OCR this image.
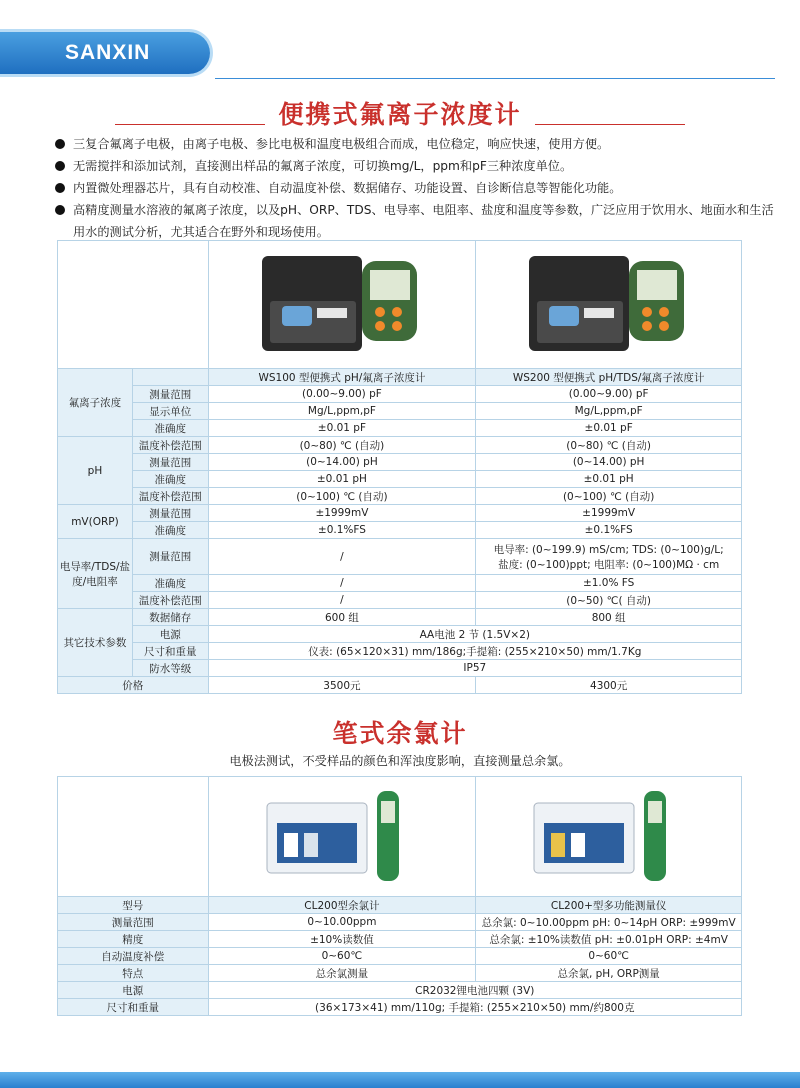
SANXIN
便携式氟离子浓度计
三复合氟离子电极，由离子电极、参比电极和温度电极组合而成，电位稳定，响应快速，使用方便。
无需搅拌和添加试剂，直接测出样品的氟离子浓度，可切换mg/L，ppm和pF三种浓度单位。
内置微处理器芯片，具有自动校准、自动温度补偿、数据储存、功能设置、自诊断信息等智能化功能。
高精度测量水溶液的氟离子浓度，以及pH、ORP、TDS、电导率、电阻率、盐度和温度等参数，广泛应用于饮用水、地面水和生活用水的测试分析，尤其适合在野外和现场使用。

氟离子浓度		WS100 型便携式 pH/氟离子浓度计	WS200 型便携式 pH/TDS/氟离子浓度计
	测量范围	(0.00~9.00) pF	(0.00~9.00) pF
	显示单位	Mg/L,ppm,pF	Mg/L,ppm,pF
	准确度	±0.01 pF	±0.01 pF
pH	温度补偿范围	(0~80) ℃ (自动)	(0~80) ℃ (自动)
	测量范围	(0~14.00) pH	(0~14.00) pH
	准确度	±0.01 pH	±0.01 pH
	温度补偿范围	(0~100) ℃ (自动)	(0~100) ℃ (自动)
mV(ORP)	测量范围	±1999mV	±1999mV
	准确度	±0.1%FS	±0.1%FS
电导率/TDS/盐度/电阻率	测量范围	/	电导率: (0~199.9) mS/cm; TDS: (0~100)g/L;
盐度: (0~100)ppt; 电阻率: (0~100)MΩ · cm

	准确度	/	±1.0% FS
	温度补偿范围	/	(0~50) ℃( 自动)
其它技术参数	数据储存	600 组	800 组
	电源	AA电池 2 节 (1.5V×2)	
	尺寸和重量	仪表: (65×120×31) mm/186g;手提箱: (255×210×50) mm/1.7Kg	
	防水等级	IP57	
价格		3500元	4300元
笔式余氯计
电极法测试，不受样品的颜色和浑浊度影响，直接测量总余氯。

型号	CL200型余氯计	CL200+型多功能测量仪
测量范围	0~10.00ppm	总余氯: 0~10.00ppm pH: 0~14pH ORP: ±999mV
精度	±10%读数值	总余氯: ±10%读数值 pH: ±0.01pH ORP: ±4mV
自动温度补偿	0~60℃	0~60℃
特点	总余氯测量	总余氯, pH, ORP测量
电源	CR2032锂电池四颗 (3V)	
尺寸和重量	(36×173×41) mm/110g; 手提箱: (255×210×50) mm/约800克	
